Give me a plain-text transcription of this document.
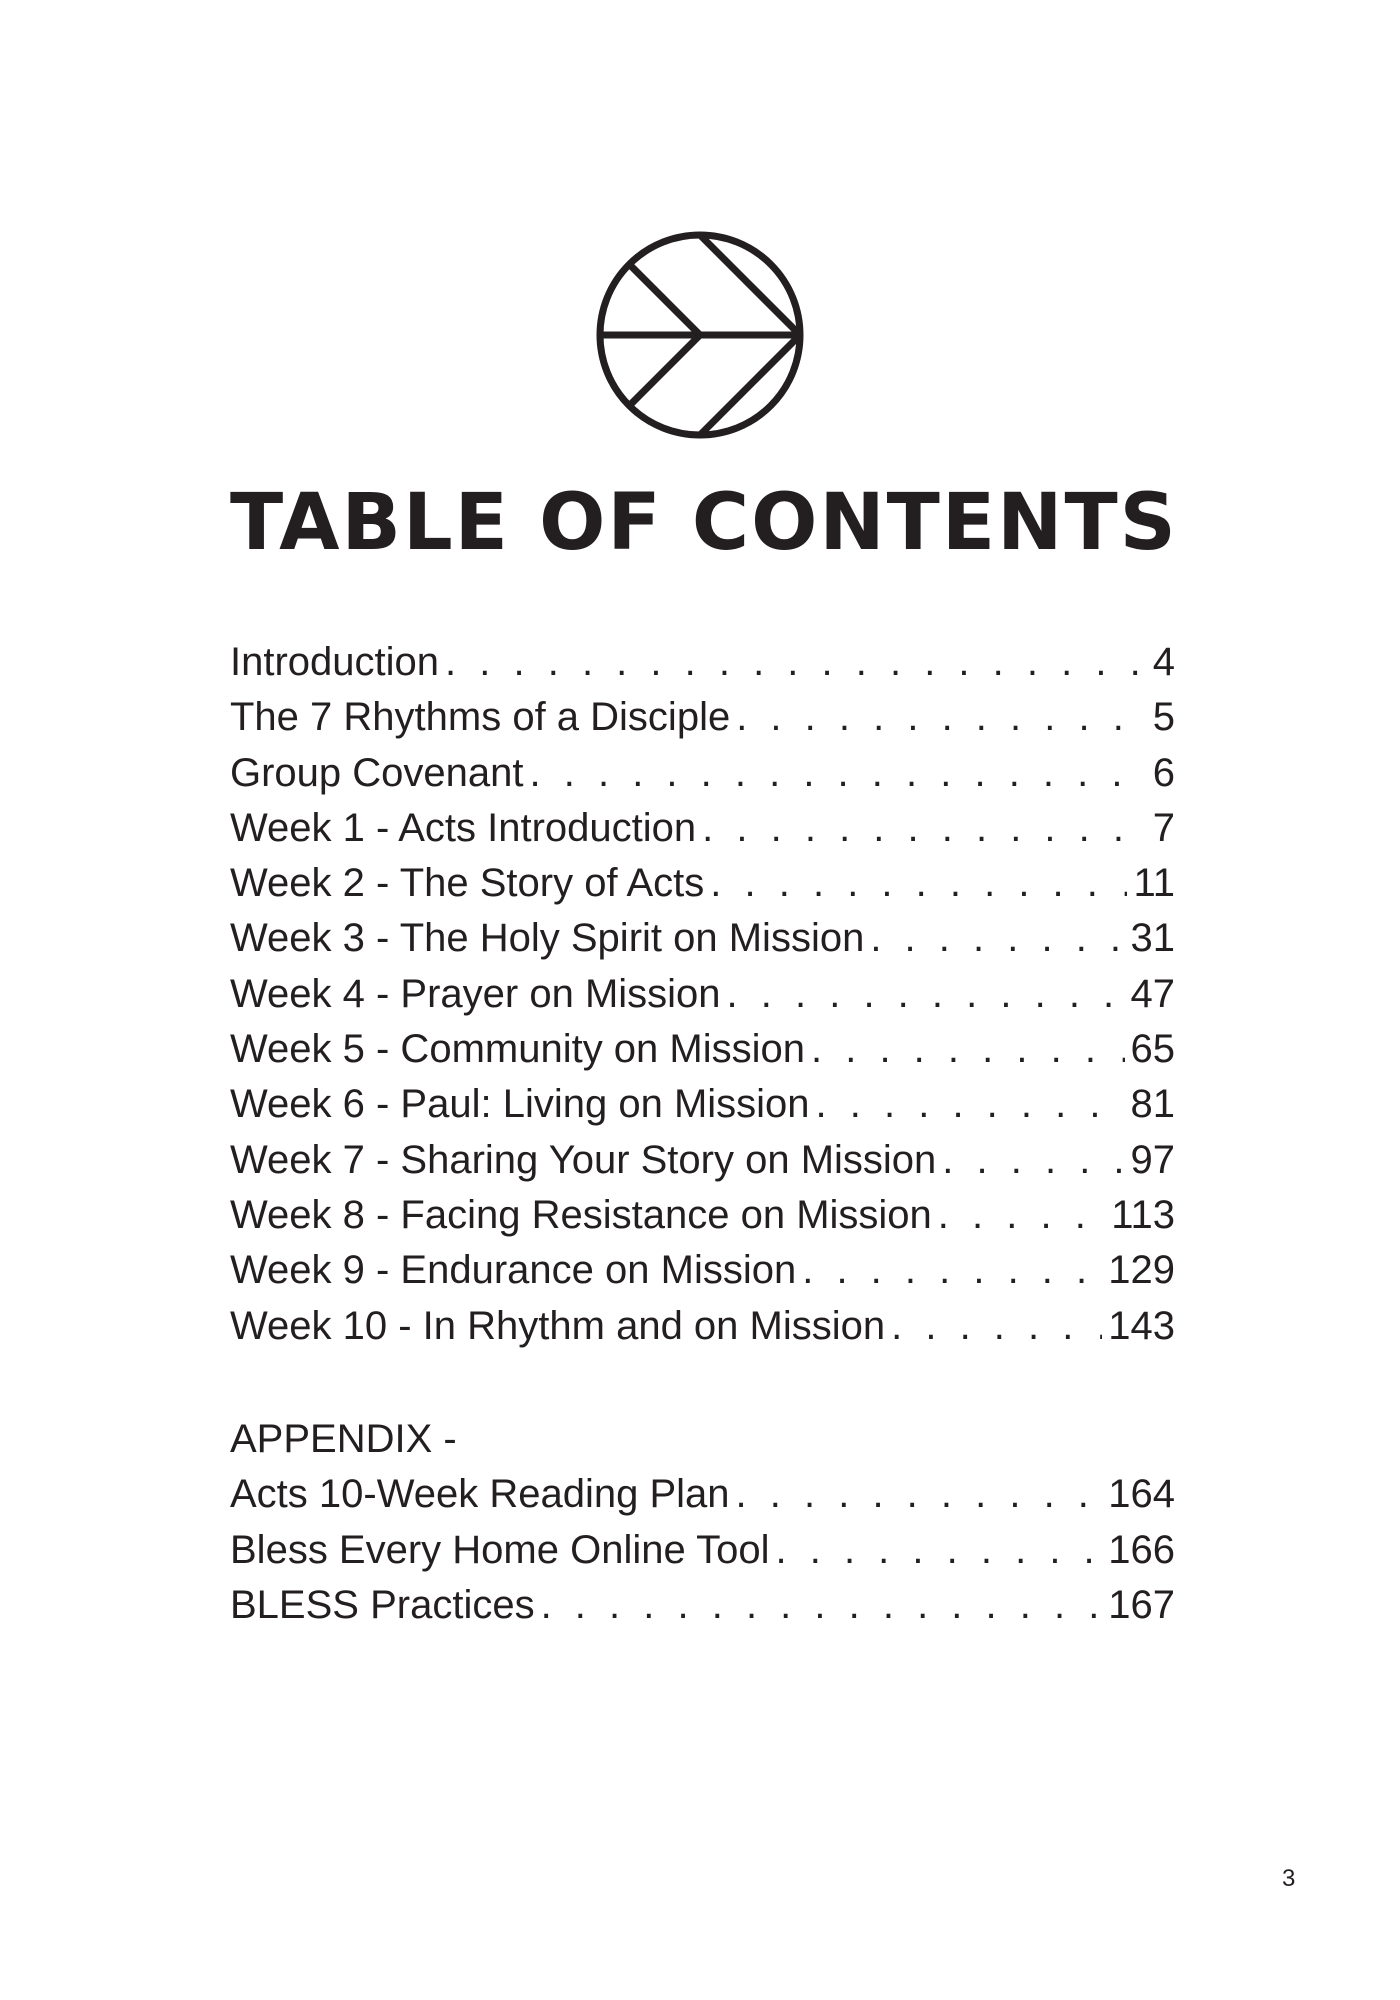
TABLE OF CONTENTS
Introduction . . .	4
The 7 Rhythms of a Disciple . . .	5
Group Covenant . . .	6
Week 1 - Acts Introduction . . .	7
Week 2 - The Story of Acts . . .	11
Week 3 - The Holy Spirit on Mission . . .	31
Week 4 - Prayer on Mission . . .	47
Week 5 - Community on Mission . . .	65
Week 6 - Paul: Living on Mission . . .	81
Week 7 - Sharing Your Story on Mission . . .	97
Week 8 - Facing Resistance on Mission . . .	113
Week 9 - Endurance on Mission . . .	129
Week 10 - In Rhythm and on Mission . . .	143
APPENDIX -
Acts 10-Week Reading Plan . . .	164
Bless Every Home Online Tool . . .	166
BLESS Practices . . .	167
3
